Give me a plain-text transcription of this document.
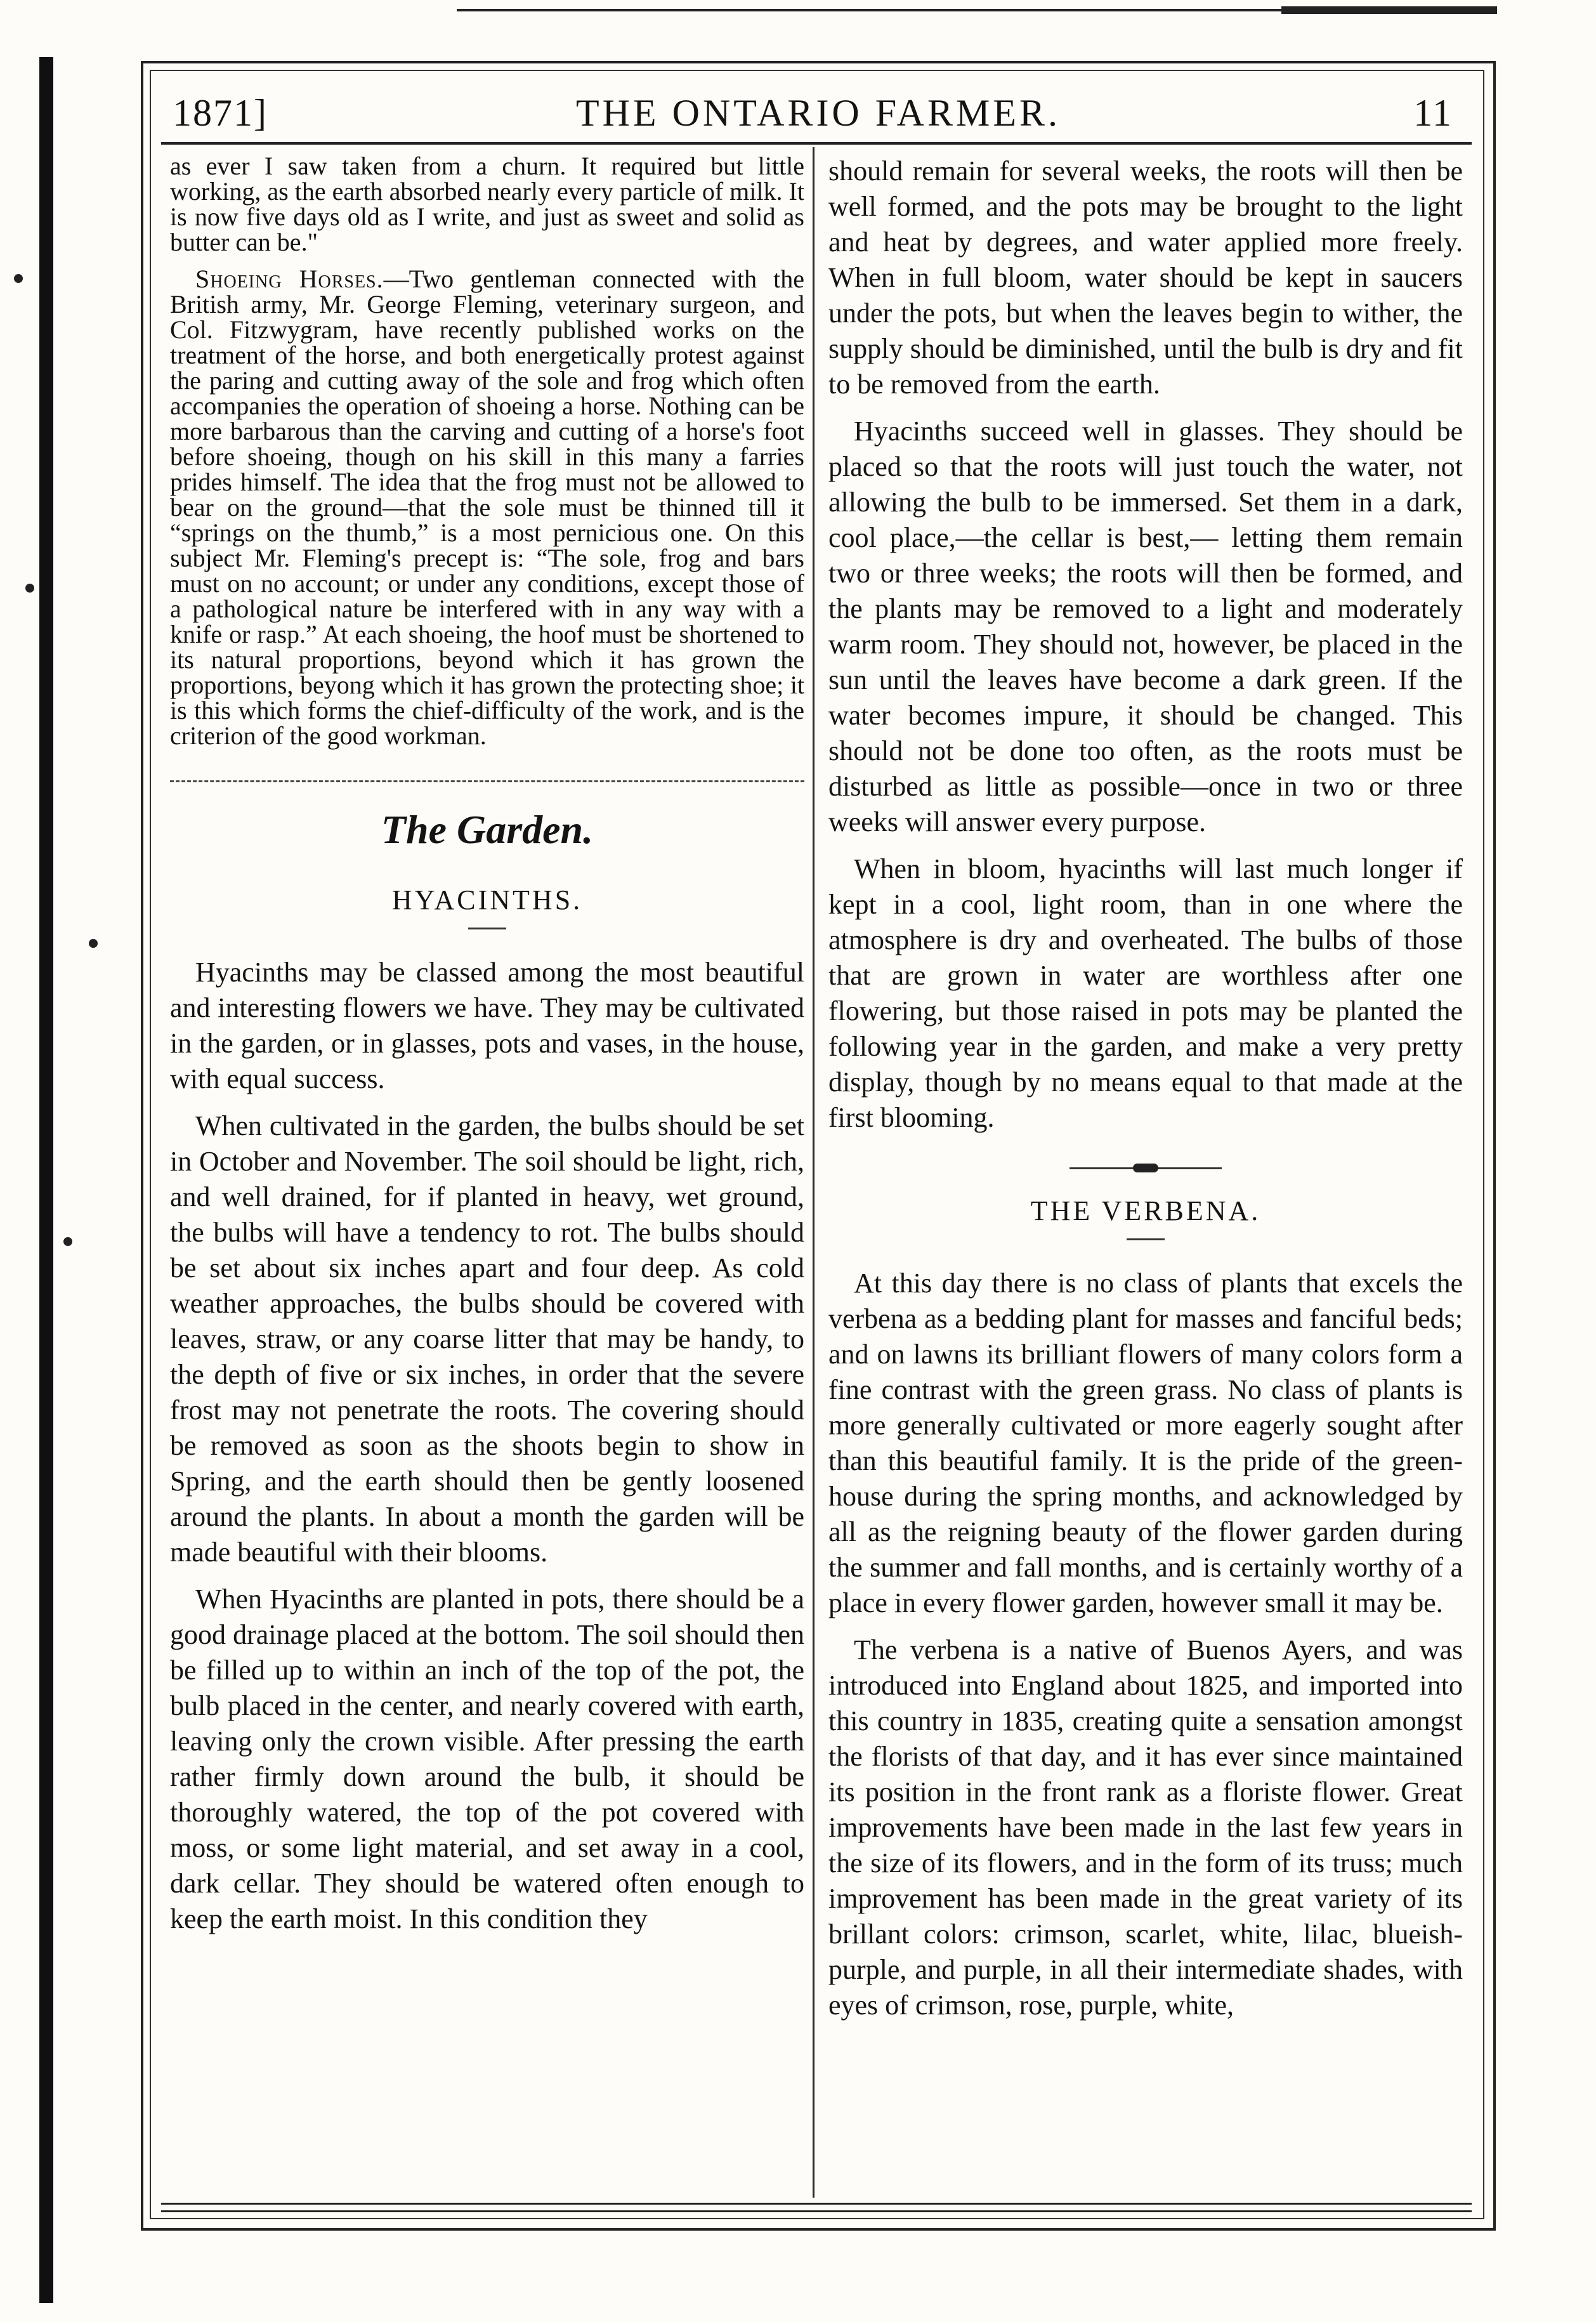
1871]	THE ONTARIO FARMER.	11

as ever I saw taken from a churn. It required but little working, as the earth absorbed nearly every particle of milk. It is now five days old as I write, and just as sweet and solid as butter can be."

Shoeing Horses.—Two gentleman connected with the British army, Mr. George Fleming, veterinary surgeon, and Col. Fitzwygram, have recently published works on the treatment of the horse, and both energetically protest against the paring and cutting away of the sole and frog which often accompanies the operation of shoeing a horse. Nothing can be more barbarous than the carving and cutting of a horse's foot before shoeing, though on his skill in this many a farries prides himself. The idea that the frog must not be allowed to bear on the ground—that the sole must be thinned till it “springs on the thumb,” is a most pernicious one. On this subject Mr. Fleming's precept is: “The sole, frog and bars must on no account; or under any conditions, except those of a pathological nature be interfered with in any way with a knife or rasp.” At each shoeing, the hoof must be shortened to its natural proportions, beyond which it has grown the proportions, beyong which it has grown the protecting shoe; it is this which forms the chief-difficulty of the work, and is the criterion of the good workman.

The Garden.
HYACINTHS.

Hyacinths may be classed among the most beautiful and interesting flowers we have. They may be cultivated in the garden, or in glasses, pots and vases, in the house, with equal success.

When cultivated in the garden, the bulbs should be set in October and November. The soil should be light, rich, and well drained, for if planted in heavy, wet ground, the bulbs will have a tendency to rot. The bulbs should be set about six inches apart and four deep. As cold weather approaches, the bulbs should be covered with leaves, straw, or any coarse litter that may be handy, to the depth of five or six inches, in order that the severe frost may not penetrate the roots. The covering should be removed as soon as the shoots begin to show in Spring, and the earth should then be gently loosened around the plants. In about a month the garden will be made beautiful with their blooms.

When Hyacinths are planted in pots, there should be a good drainage placed at the bottom. The soil should then be filled up to within an inch of the top of the pot, the bulb placed in the center, and nearly covered with earth, leaving only the crown visible. After pressing the earth rather firmly down around the bulb, it should be thoroughly watered, the top of the pot covered with moss, or some light material, and set away in a cool, dark cellar. They should be watered often enough to keep the earth moist. In this condition they

should remain for several weeks, the roots will then be well formed, and the pots may be brought to the light and heat by degrees, and water applied more freely. When in full bloom, water should be kept in saucers under the pots, but when the leaves begin to wither, the supply should be diminished, until the bulb is dry and fit to be removed from the earth.

Hyacinths succeed well in glasses. They should be placed so that the roots will just touch the water, not allowing the bulb to be immersed. Set them in a dark, cool place,—the cellar is best,— letting them remain two or three weeks; the roots will then be formed, and the plants may be removed to a light and moderately warm room. They should not, however, be placed in the sun until the leaves have become a dark green. If the water becomes impure, it should be changed. This should not be done too often, as the roots must be disturbed as little as possible—once in two or three weeks will answer every purpose.

When in bloom, hyacinths will last much longer if kept in a cool, light room, than in one where the atmosphere is dry and overheated. The bulbs of those that are grown in water are worthless after one flowering, but those raised in pots may be planted the following year in the garden, and make a very pretty display, though by no means equal to that made at the first blooming.

THE VERBENA.

At this day there is no class of plants that excels the verbena as a bedding plant for masses and fanciful beds; and on lawns its brilliant flowers of many colors form a fine contrast with the green grass. No class of plants is more generally cultivated or more eagerly sought after than this beautiful family. It is the pride of the green-house during the spring months, and acknowledged by all as the reigning beauty of the flower garden during the summer and fall months, and is certainly worthy of a place in every flower garden, however small it may be.

The verbena is a native of Buenos Ayers, and was introduced into England about 1825, and imported into this country in 1835, creating quite a sensation amongst the florists of that day, and it has ever since maintained its position in the front rank as a floriste flower. Great improvements have been made in the last few years in the size of its flowers, and in the form of its truss; much improvement has been made in the great variety of its brillant colors: crimson, scarlet, white, lilac, blueish-purple, and purple, in all their intermediate shades, with eyes of crimson, rose, purple, white,
